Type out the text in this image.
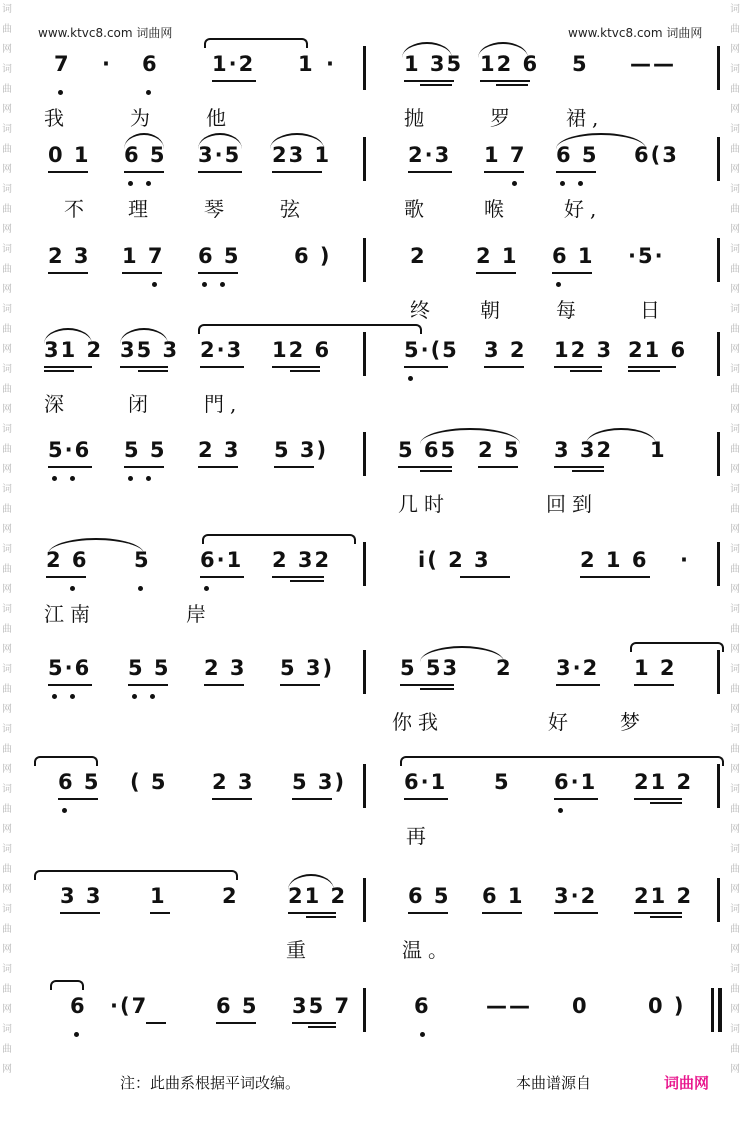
www.ktvc8.com 词曲网	www.ktvc8.com 词曲网
词曲网词曲网词曲网词曲网词曲网词曲网词曲网词曲网词曲网词曲网词曲网词曲网词曲网词曲网词曲网词曲网词曲网词曲网
词曲网词曲网词曲网词曲网词曲网词曲网词曲网词曲网词曲网词曲网词曲网词曲网词曲网词曲网词曲网词曲网词曲网词曲网
7 · 6	1·2 1 ·	1 35 12 6 5 ——
我	为	他	抛	罗	裙,
0 1 6 5 3·5 23 1	2·3 1 7 6 5 6(3
不 理	琴	弦	歌	喉	好,
2 3 1 7 6 5	6 )	2 2 1 6 1 ·5·
终 朝	每	日
31 2 35 3 2·3 12 6	5·(5 3 2 12 3 21 6
深	闭	門,
5·6 5 5 2 3 5 3)	5 65 2 5 3 32 1
几时	回到
2 6 5 6·1 2 32	i( 2 3	2 1 6 ·
江南	岸
5·6 5 5 2 3 5 3)	5 53 2 3·2 1 2
你我	好 梦
6 5 ( 5 2 3 5 3)	6·1 5 6·1 21 2
再
3 3 1	2 21 2	6 5 6 1 3·2 21 2
重	温。
6 ·(7	6 5 35 7	6	—— 0	0 )
注：此曲系根据平词改编。	本曲谱源自	词曲网
